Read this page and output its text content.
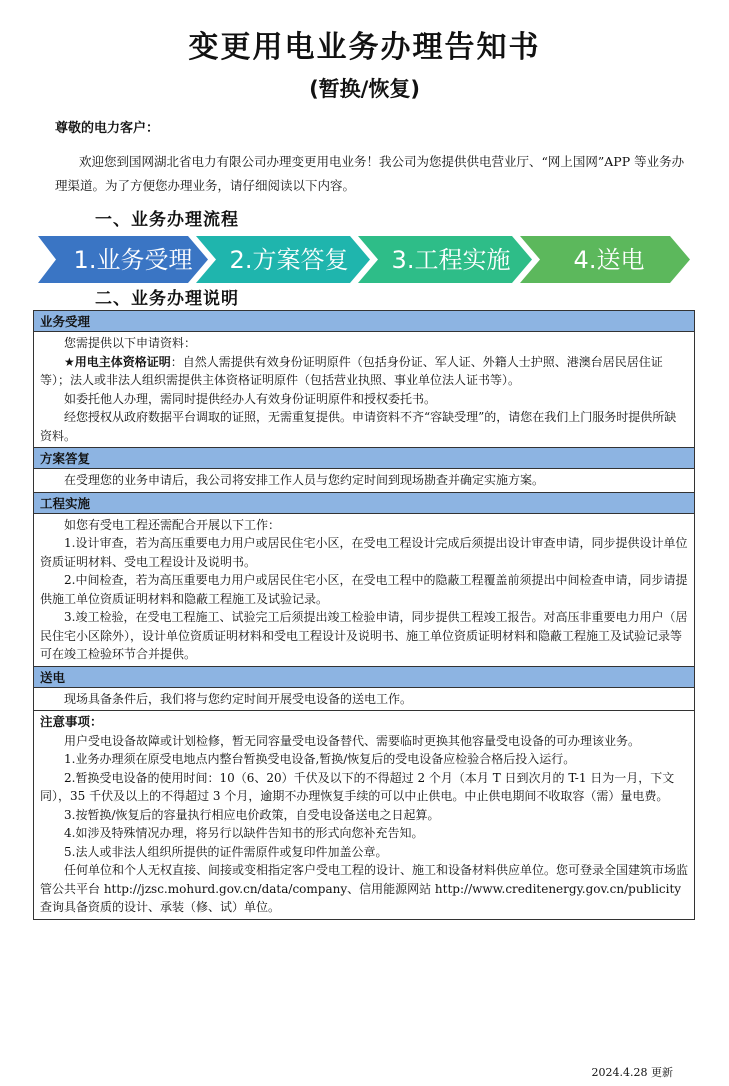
变更用电业务办理告知书
(暂换/恢复)
尊敬的电力客户：
欢迎您到国网湖北省电力有限公司办理变更用电业务！我公司为您提供供电营业厅、“网上国网”APP 等业务办理渠道。为了方便您办理业务，请仔细阅读以下内容。
一、业务办理流程
1.业务受理	2.方案答复	3.工程实施	4.送电
二、业务办理说明
业务受理
您需提供以下申请资料：
★用电主体资格证明：自然人需提供有效身份证明原件（包括身份证、军人证、外籍人士护照、港澳台居民居住证等）；法人或非法人组织需提供主体资格证明原件（包括营业执照、事业单位法人证书等）。
如委托他人办理，需同时提供经办人有效身份证明原件和授权委托书。
经您授权从政府数据平台调取的证照，无需重复提供。申请资料不齐“容缺受理”的，请您在我们上门服务时提供所缺资料。
方案答复
在受理您的业务申请后，我公司将安排工作人员与您约定时间到现场勘查并确定实施方案。
工程实施
如您有受电工程还需配合开展以下工作：
1.设计审查，若为高压重要电力用户或居民住宅小区，在受电工程设计完成后须提出设计审查申请，同步提供设计单位资质证明材料、受电工程设计及说明书。
2.中间检查，若为高压重要电力用户或居民住宅小区，在受电工程中的隐蔽工程覆盖前须提出中间检查申请，同步请提供施工单位资质证明材料和隐蔽工程施工及试验记录。
3.竣工检验，在受电工程施工、试验完工后须提出竣工检验申请，同步提供工程竣工报告。对高压非重要电力用户（居民住宅小区除外），设计单位资质证明材料和受电工程设计及说明书、施工单位资质证明材料和隐蔽工程施工及试验记录等可在竣工检验环节合并提供。
送电
现场具备条件后，我们将与您约定时间开展受电设备的送电工作。
注意事项：
用户受电设备故障或计划检修，暂无同容量受电设备替代、需要临时更换其他容量受电设备的可办理该业务。
1.业务办理须在原受电地点内整台暂换受电设备,暂换/恢复后的受电设备应检验合格后投入运行。
2.暂换受电设备的使用时间：10（6、20）千伏及以下的不得超过 2 个月（本月 T 日到次月的 T-1 日为一月，下文同），35 千伏及以上的不得超过 3 个月，逾期不办理恢复手续的可以中止供电。中止供电期间不收取容（需）量电费。
3.按暂换/恢复后的容量执行相应电价政策，自受电设备送电之日起算。
4.如涉及特殊情况办理，将另行以缺件告知书的形式向您补充告知。
5.法人或非法人组织所提供的证件需原件或复印件加盖公章。
任何单位和个人无权直接、间接或变相指定客户受电工程的设计、施工和设备材料供应单位。您可登录全国建筑市场监管公共平台 http://jzsc.mohurd.gov.cn/data/company、信用能源网站 http://www.creditenergy.gov.cn/publicity 查询具备资质的设计、承装（修、试）单位。
2024.4.28 更新
